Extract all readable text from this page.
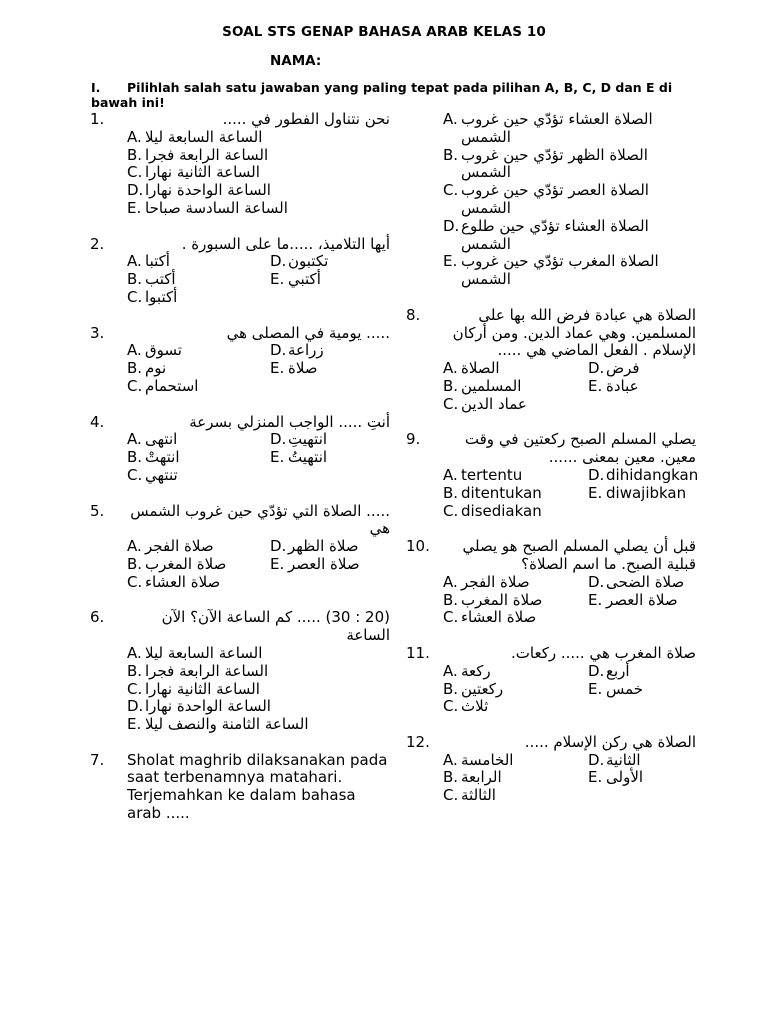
SOAL STS GENAP BAHASA ARAB KELAS 10
NAMA:
I. Pilihlah salah satu jawaban yang paling tepat pada pilihan A, B, C, D dan E di bawah ini!
1.	نحن نتناول الفطور في .....
A. الساعة السابعة ليلا
B. الساعة الرابعة فجرا
C. الساعة الثانية نهارا
D. الساعة الواحدة نهارا
E. الساعة السادسة صباحا
2.	أيها التلاميذ، .....ما على السبورة .
A. أكتبا	D. تكتبون
B. أكتب	E. أكتبي
C. أكتبوا
3.	..... يومية في المصلى هي
A. تسوق	D. زراعة
B. نوم	E. صلاة
C. استحمام
4.	أنتِ ..... الواجب المنزلي بسرعة
A. انتهى	D. انتهيتِ
B. انتهتْ	E. انتهيتُ
C. تنتهي
5. ..... الصلاة التي تؤدّي حين غروب الشمس هي
A. صلاة الفجر	D. صلاة الظهر
B. صلاة المغرب	E. صلاة العصر
C. صلاة العشاء
6.	(20 : 30) ..... كم الساعة الآن؟ الآن الساعة
A. الساعة السابعة ليلا
B. الساعة الرابعة فجرا
C. الساعة الثانية نهارا
D. الساعة الواحدة نهارا
E. الساعة الثامنة والنصف ليلا
7. Sholat maghrib dilaksanakan pada saat terbenamnya matahari. Terjemahkan ke dalam bahasa arab .....
A. الصلاة العشاء تؤدّي حين غروب الشمس
B. الصلاة الظهر تؤدّي حين غروب الشمس
C. الصلاة العصر تؤدّي حين غروب الشمس
D. الصلاة العشاء تؤدّي حين طلوع الشمس
E. الصلاة المغرب تؤدّي حين غروب الشمس
8.	الصلاة هي عبادة فرض الله بها على المسلمين. وهي عماد الدين. ومن أركان الإسلام . الفعل الماضي هي .....
A. الصلاة	D. فرض
B. المسلمين	E. عبادة
C. عماد الدين
9.	يصلي المسلم الصبح ركعتين في وقت معين. معين بمعنى ......
A. tertentu	D. dihidangkan
B. ditentukan	E. diwajibkan
C. disediakan
10.	قبل أن يصلي المسلم الصبح هو يصلي قبلية الصبح. ما اسم الصلاة؟
A. صلاة الفجر	D. صلاة الضحى
B. صلاة المغرب	E. صلاة العصر
C. صلاة العشاء
11.	صلاة المغرب هي ..... ركعات.
A. ركعة	D. أربع
B. ركعتين	E. خمس
C. ثلاث
12.	الصلاة هي ركن الإسلام .....
A. الخامسة	D. الثانية
B. الرابعة	E. الأولى
C. الثالثة
